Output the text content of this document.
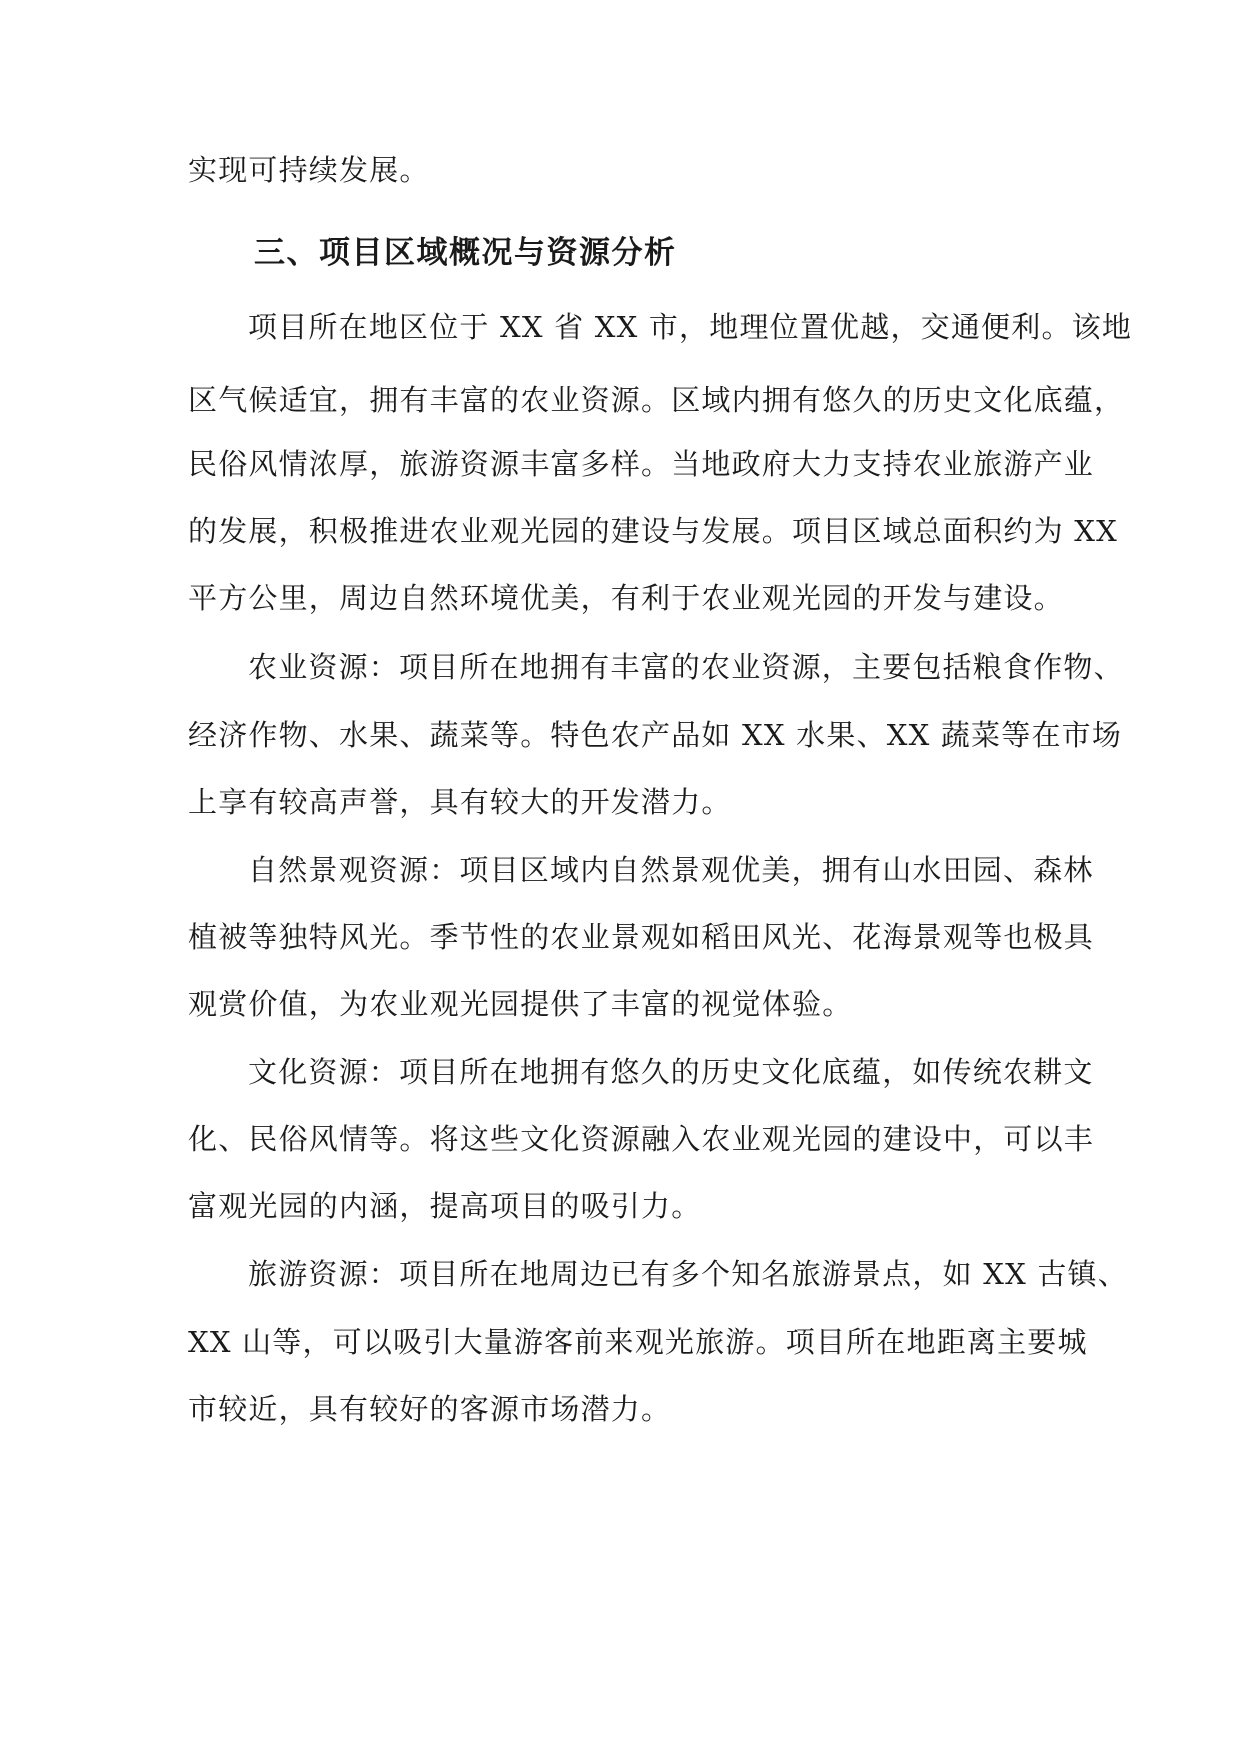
实现可持续发展。
三、项目区域概况与资源分析
项目所在地区位于 XX 省 XX 市，地理位置优越，交通便利。该地
区气候适宜，拥有丰富的农业资源。区域内拥有悠久的历史文化底蕴，
民俗风情浓厚，旅游资源丰富多样。当地政府大力支持农业旅游产业
的发展，积极推进农业观光园的建设与发展。项目区域总面积约为 XX
平方公里，周边自然环境优美，有利于农业观光园的开发与建设。
农业资源：项目所在地拥有丰富的农业资源，主要包括粮食作物、
经济作物、水果、蔬菜等。特色农产品如 XX 水果、XX 蔬菜等在市场
上享有较高声誉，具有较大的开发潜力。
自然景观资源：项目区域内自然景观优美，拥有山水田园、森林
植被等独特风光。季节性的农业景观如稻田风光、花海景观等也极具
观赏价值，为农业观光园提供了丰富的视觉体验。
文化资源：项目所在地拥有悠久的历史文化底蕴，如传统农耕文
化、民俗风情等。将这些文化资源融入农业观光园的建设中，可以丰
富观光园的内涵，提高项目的吸引力。
旅游资源：项目所在地周边已有多个知名旅游景点，如 XX 古镇、
XX 山等，可以吸引大量游客前来观光旅游。项目所在地距离主要城
市较近，具有较好的客源市场潜力。
